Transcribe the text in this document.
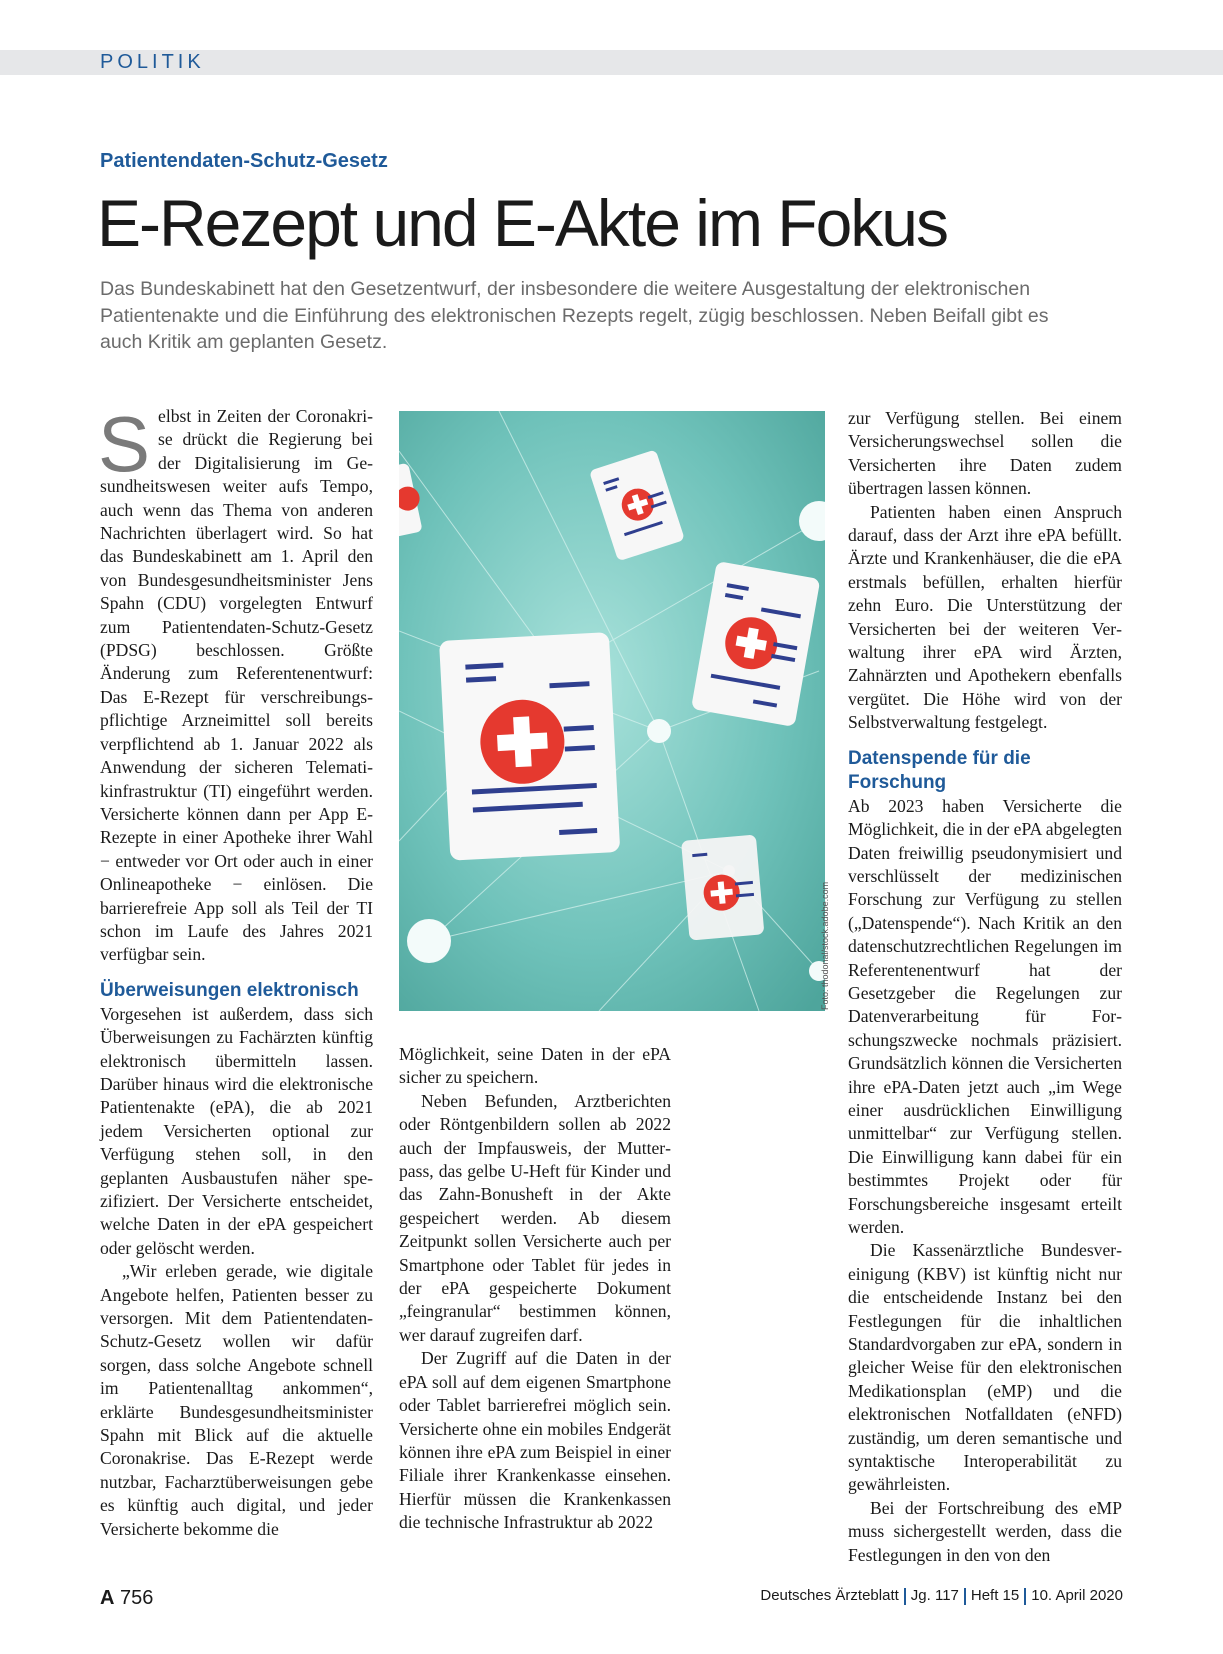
POLITIK
Patientendaten-Schutz-Gesetz
E-Rezept und E-Akte im Fokus
Das Bundeskabinett hat den Gesetzentwurf, der insbesondere die weitere Ausgestaltung der elektronischen Patientenakte und die Einführung des elektronischen Rezepts regelt, zügig beschlossen. Neben Beifall gibt es auch Kritik am geplanten Gesetz.

Selbst in Zeiten der Coronakrise drückt die Regierung bei der Digitalisierung im Gesundheitswesen weiter aufs Tempo, auch wenn das Thema von anderen Nachrichten überlagert wird. So hat das Bundeskabinett am 1. April den von Bundesgesundheitsminister Jens Spahn (CDU) vorgelegten Entwurf zum Patientendaten-Schutz-Gesetz (PDSG) beschlossen. Größte Änderung zum Referentenentwurf: Das E-Rezept für verschreibungspflichtige Arzneimittel soll bereits verpflichtend ab 1. Januar 2022 als Anwendung der sicheren Telematikinfrastruktur (TI) eingeführt werden. Versicherte können dann per App E-Rezepte in einer Apotheke ihrer Wahl − entweder vor Ort oder auch in einer Onlineapotheke − einlösen. Die barrierefreie App soll als Teil der TI schon im Laufe des Jahres 2021 verfügbar sein.

Überweisungen elektronisch

Vorgesehen ist außerdem, dass sich Überweisungen zu Fachärzten künftig elektronisch übermitteln lassen. Darüber hinaus wird die elektronische Patientenakte (ePA), die ab 2021 jedem Versicherten optional zur Verfügung stehen soll, in den geplanten Ausbaustufen näher spezifiziert. Der Versicherte entscheidet, welche Daten in der ePA gespeichert oder gelöscht werden.

„Wir erleben gerade, wie digitale Angebote helfen, Patienten besser zu versorgen. Mit dem Patientendaten-Schutz-Gesetz wollen wir dafür sorgen, dass solche Angebote schnell im Patientenalltag ankommen“, erklärte Bundesgesundheitsminister Spahn mit Blick auf die aktuelle Coronakrise. Das E-Rezept werde nutzbar, Facharztüberweisungen gebe es künftig auch digital, und jeder Versicherte bekomme die

Foto: thodonal/stock.adobe.com

Möglichkeit, seine Daten in der ePA sicher zu speichern.

Neben Befunden, Arztberichten oder Röntgenbildern sollen ab 2022 auch der Impfausweis, der Mutterpass, das gelbe U-Heft für Kinder und das Zahn-Bonusheft in der Akte gespeichert werden. Ab diesem Zeitpunkt sollen Versicherte auch per Smartphone oder Tablet für jedes in der ePA gespeicherte Dokument „feingranular“ bestimmen können, wer darauf zugreifen darf.

Der Zugriff auf die Daten in der ePA soll auf dem eigenen Smartphone oder Tablet barrierefrei möglich sein. Versicherte ohne ein mobiles Endgerät können ihre ePA zum Beispiel in einer Filiale ihrer Krankenkasse einsehen. Hierfür müssen die Krankenkassen die technische Infrastruktur ab 2022

zur Verfügung stellen. Bei einem Versicherungswechsel sollen die Versicherten ihre Daten zudem übertragen lassen können.

Patienten haben einen Anspruch darauf, dass der Arzt ihre ePA befüllt. Ärzte und Krankenhäuser, die die ePA erstmals befüllen, erhalten hierfür zehn Euro. Die Unterstützung der Versicherten bei der weiteren Verwaltung ihrer ePA wird Ärzten, Zahnärzten und Apothekern ebenfalls vergütet. Die Höhe wird von der Selbstverwaltung festgelegt.

Datenspende für die Forschung

Ab 2023 haben Versicherte die Möglichkeit, die in der ePA abgelegten Daten freiwillig pseudonymisiert und verschlüsselt der medizinischen Forschung zur Verfügung zu stellen („Datenspende“). Nach Kritik an den datenschutzrechtlichen Regelungen im Referentenentwurf hat der Gesetzgeber die Regelungen zur Datenverarbeitung für Forschungszwecke nochmals präzisiert. Grundsätzlich können die Versicherten ihre ePA-Daten jetzt auch „im Wege einer ausdrücklichen Einwilligung unmittelbar“ zur Verfügung stellen. Die Einwilligung kann dabei für ein bestimmtes Projekt oder für Forschungsbereiche insgesamt erteilt werden.

Die Kassenärztliche Bundesvereinigung (KBV) ist künftig nicht nur die entscheidende Instanz bei den Festlegungen für die inhaltlichen Standardvorgaben zur ePA, sondern in gleicher Weise für den elektronischen Medikationsplan (eMP) und die elektronischen Notfalldaten (eNFD) zuständig, um deren semantische und syntaktische Interoperabilität zu gewährleisten.

Bei der Fortschreibung des eMP muss sichergestellt werden, dass die Festlegungen in den von den

A 756	Deutsches Ärzteblatt Jg. 117 Heft 15 10. April 2020
